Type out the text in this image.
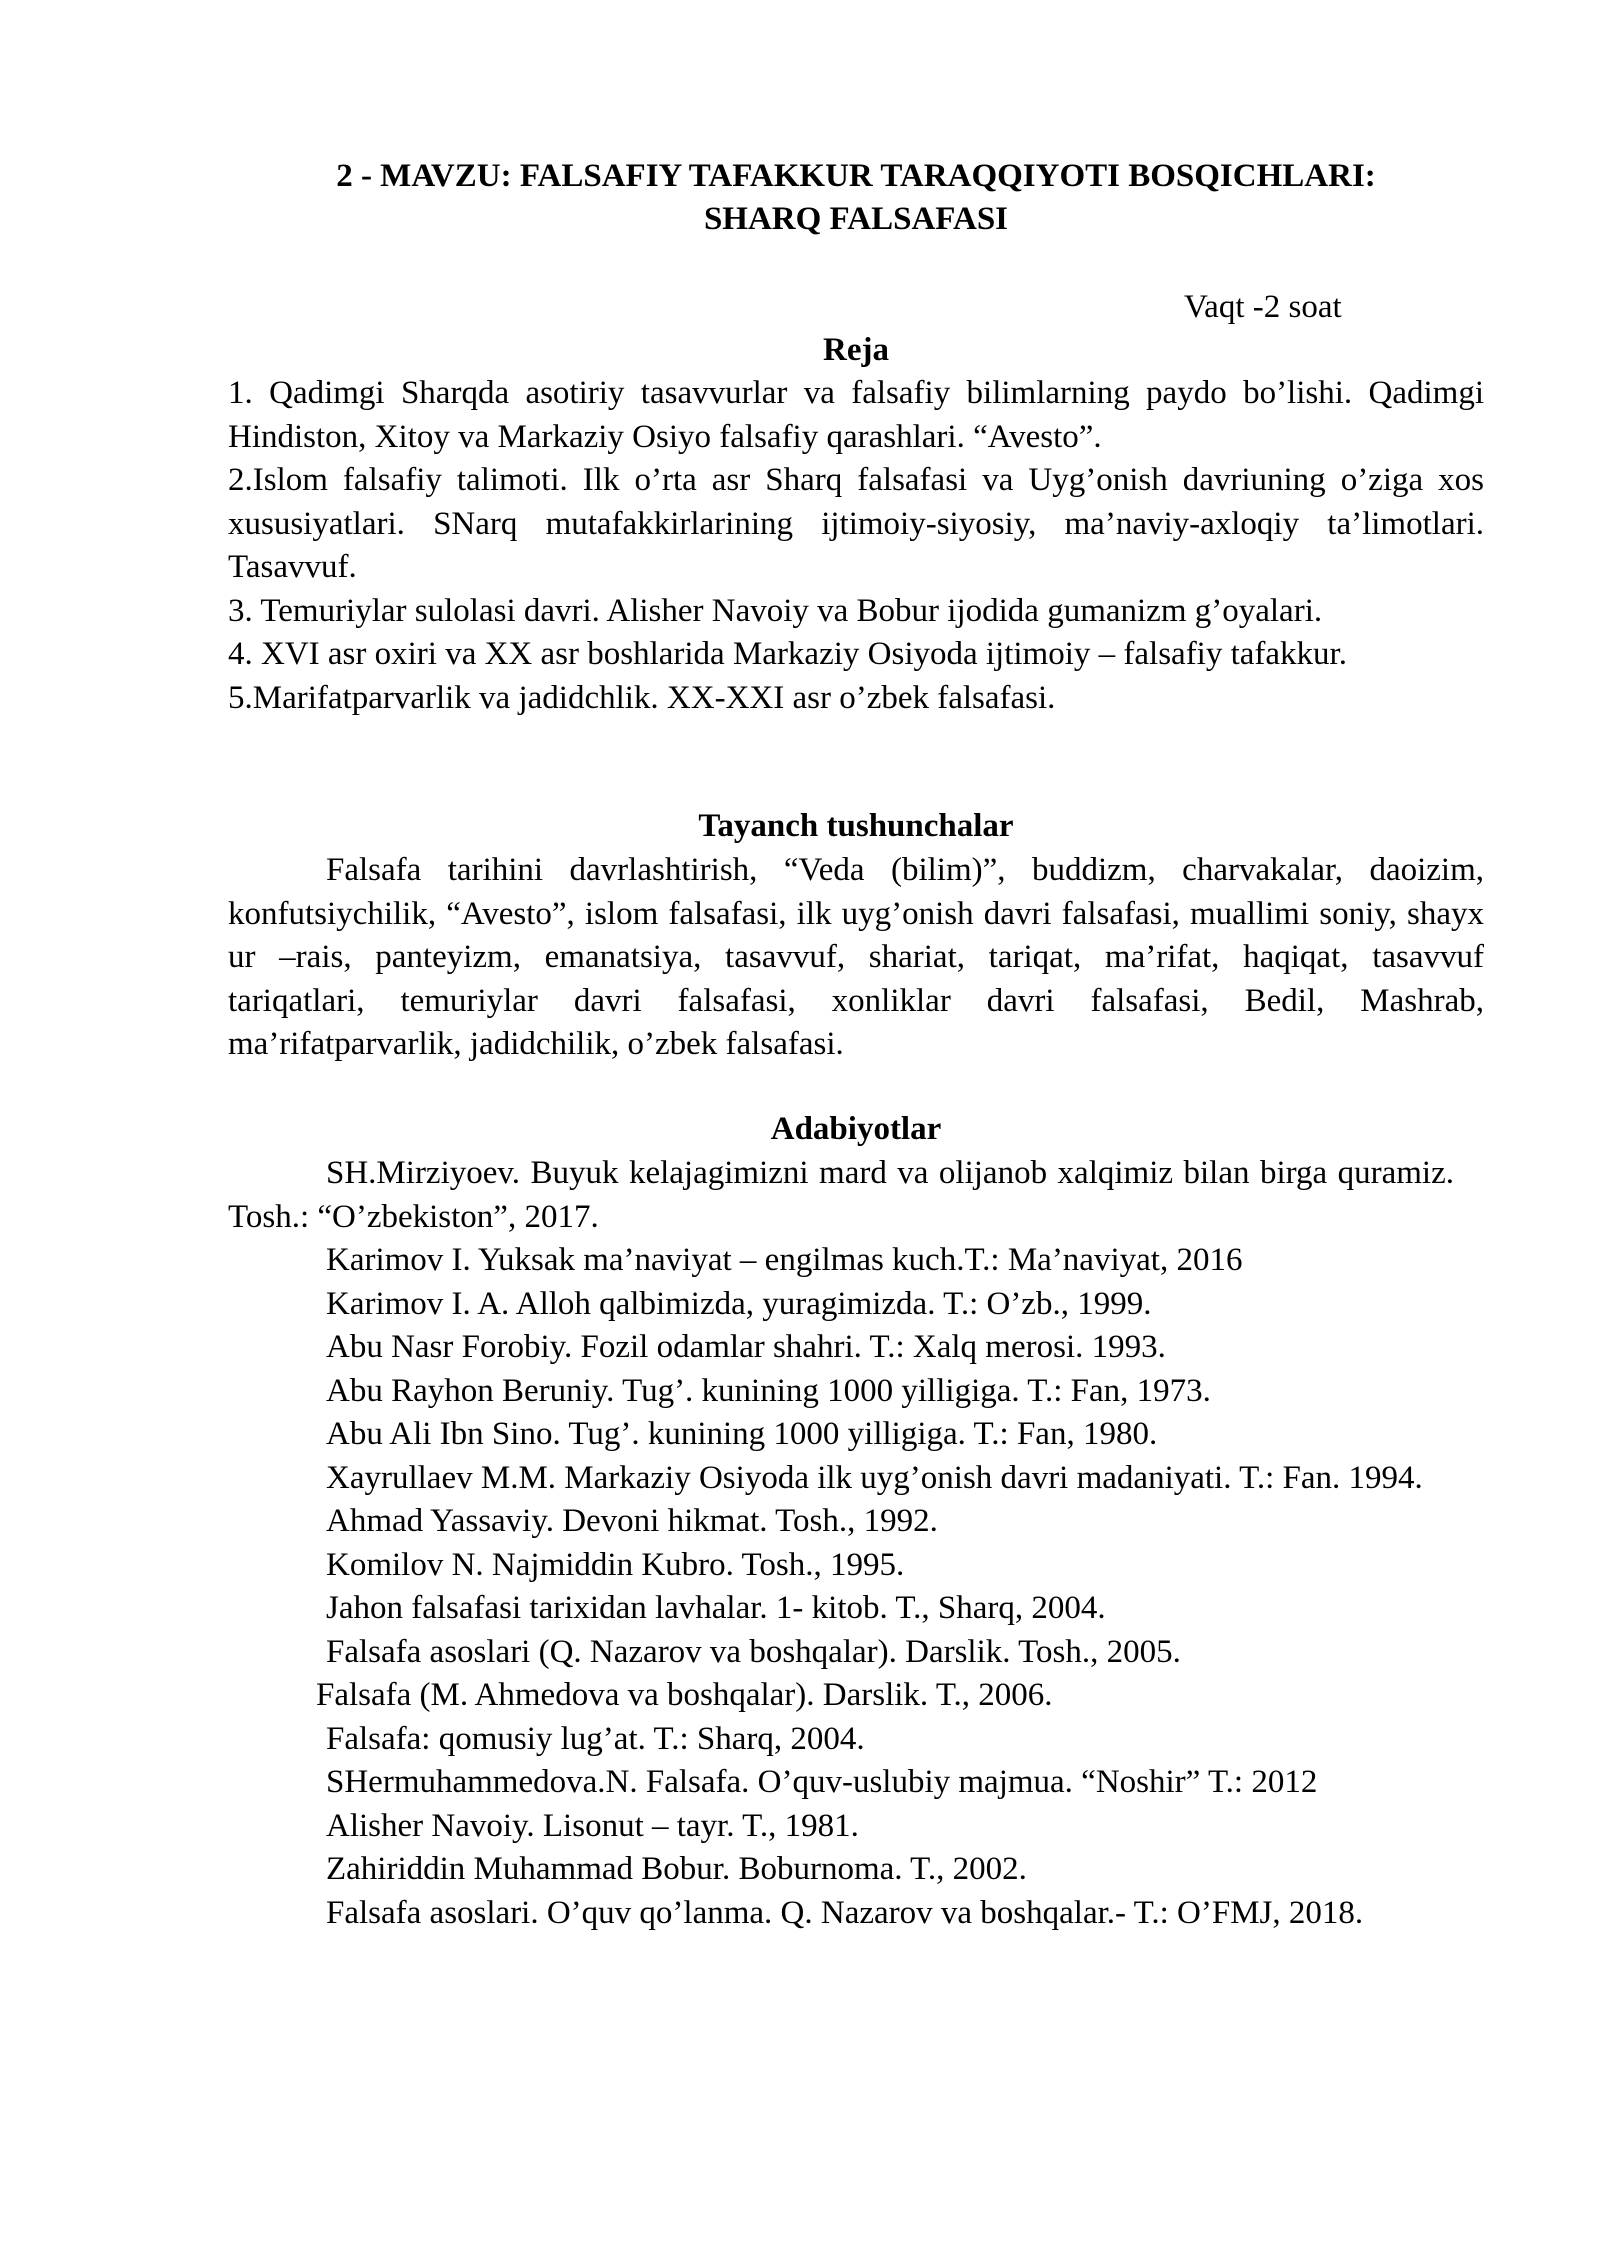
2 - MAVZU: FALSAFIY TAFAKKUR TARAQQIYOTI BOSQICHLARI:
SHARQ FALSAFASI
Vaqt -2 soat
Reja

1. Qadimgi Sharqda asotiriy tasavvurlar va falsafiy bilimlarning paydo bo’lishi. Qadimgi Hindiston, Xitoy va Markaziy Osiyo falsafiy qarashlari. “Avesto”.

2.Islom falsafiy talimoti. Ilk o’rta asr Sharq falsafasi va Uyg’onish davriuning o’ziga xos xususiyatlari. SNarq mutafakkirlarining ijtimoiy-siyosiy, ma’naviy-axloqiy ta’limotlari. Tasavvuf.

3. Temuriylar sulolasi davri. Alisher Navoiy va Bobur ijodida gumanizm g’oyalari.

4. XVI asr oxiri va XX asr boshlarida Markaziy Osiyoda ijtimoiy – falsafiy tafakkur.

5.Marifatparvarlik va jadidchlik. XX-XXI asr o’zbek falsafasi.

Tayanch tushunchalar

Falsafa tarihini davrlashtirish, “Veda (bilim)”, buddizm, charvakalar, daoizim, konfutsiychilik, “Avesto”, islom falsafasi, ilk uyg’onish davri falsafasi, muallimi soniy, shayx ur –rais, panteyizm, emanatsiya, tasavvuf, shariat, tariqat, ma’rifat, haqiqat, tasavvuf tariqatlari, temuriylar davri falsafasi, xonliklar davri falsafasi, Bedil, Mashrab, ma’rifatparvarlik, jadidchilik, o’zbek falsafasi.

Adabiyotlar

SH.Mirziyoev. Buyuk kelajagimizni mard va olijanob xalqimiz bilan birga quramiz. Tosh.: “O’zbekiston”, 2017.

Karimov I. Yuksak ma’naviyat – engilmas kuch.T.: Ma’naviyat, 2016

Karimov I. A. Alloh qalbimizda, yuragimizda. T.: O’zb., 1999.

Abu Nasr Forobiy. Fozil odamlar shahri. T.: Xalq merosi. 1993.

Abu Rayhon Beruniy. Tug’. kunining 1000 yilligiga. T.: Fan, 1973.

Abu Ali Ibn Sino. Tug’. kunining 1000 yilligiga. T.: Fan, 1980.

Xayrullaev M.M. Markaziy Osiyoda ilk uyg’onish davri madaniyati. T.: Fan. 1994.

Ahmad Yassaviy. Devoni hikmat. Tosh., 1992.

Komilov N. Najmiddin Kubro. Tosh., 1995.

Jahon falsafasi tarixidan lavhalar. 1- kitob. T., Sharq, 2004.

Falsafa asoslari (Q. Nazarov va boshqalar). Darslik. Tosh., 2005.

Falsafa (M. Ahmedova va boshqalar). Darslik. T., 2006.

Falsafa: qomusiy lug’at. T.: Sharq, 2004.

SHermuhammedova.N. Falsafa. O’quv-uslubiy majmua. “Noshir” T.: 2012

Alisher Navoiy. Lisonut – tayr. T., 1981.

Zahiriddin Muhammad Bobur. Boburnoma. T., 2002.

Falsafa asoslari. O’quv qo’lanma. Q. Nazarov va boshqalar.- T.: O’FMJ, 2018.
